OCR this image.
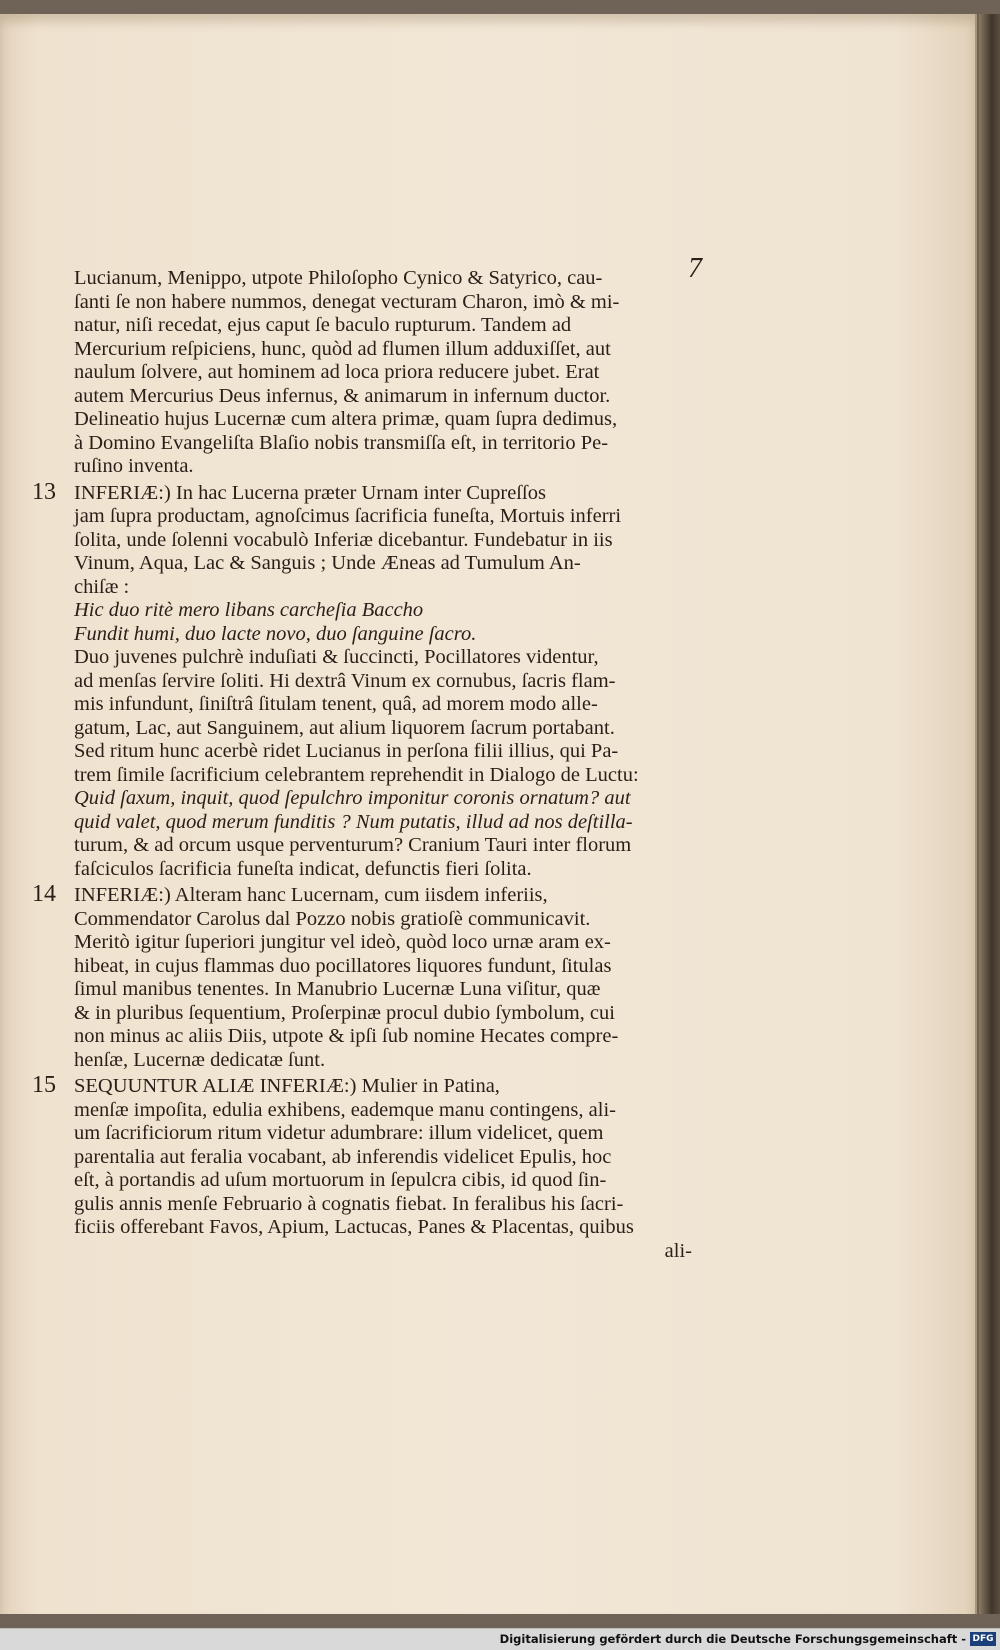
7
Lucianum, Menippo, utpote Philoſopho Cynico & Satyrico, cau-
ſanti ſe non habere nummos, denegat vecturam Charon, imò & mi-
natur, niſi recedat, ejus caput ſe baculo rupturum. Tandem ad
Mercurium reſpiciens, hunc, quòd ad flumen illum adduxiſſet, aut
naulum ſolvere, aut hominem ad loca priora reducere jubet. Erat
autem Mercurius Deus infernus, & animarum in infernum ductor.
Delineatio hujus Lucernæ cum altera primæ, quam ſupra dedimus,
à Domino Evangeliſta Blaſio nobis transmiſſa eſt, in territorio Pe-
ruſino inventa.
13 INFERIÆ:) In hac Lucerna præter Urnam inter Cupreſſos
jam ſupra productam, agnoſcimus ſacrificia funeſta, Mortuis inferri
ſolita, unde ſolenni vocabulò Inferiæ dicebantur. Fundebatur in iis
Vinum, Aqua, Lac & Sanguis ; Unde Æneas ad Tumulum An-
chiſæ :
Hic duo ritè mero libans carcheſia Baccho
Fundit humi, duo lacte novo, duo ſanguine ſacro.
Duo juvenes pulchrè induſiati & ſuccincti, Pocillatores videntur,
ad menſas ſervire ſoliti. Hi dextrâ Vinum ex cornubus, ſacris flam-
mis infundunt, ſiniſtrâ ſitulam tenent, quâ, ad morem modo alle-
gatum, Lac, aut Sanguinem, aut alium liquorem ſacrum portabant.
Sed ritum hunc acerbè ridet Lucianus in perſona filii illius, qui Pa-
trem ſimile ſacrificium celebrantem reprehendit in Dialogo de Luctu:
Quid ſaxum, inquit, quod ſepulchro imponitur coronis ornatum? aut
quid valet, quod merum funditis ? Num putatis, illud ad nos deſtilla-
turum, & ad orcum usque perventurum? Cranium Tauri inter florum
faſciculos ſacrificia funeſta indicat, defunctis fieri ſolita.
14 INFERIÆ:) Alteram hanc Lucernam, cum iisdem inferiis,
Commendator Carolus dal Pozzo nobis gratioſè communicavit.
Meritò igitur ſuperiori jungitur vel ideò, quòd loco urnæ aram ex-
hibeat, in cujus flammas duo pocillatores liquores fundunt, ſitulas
ſimul manibus tenentes. In Manubrio Lucernæ Luna viſitur, quæ
& in pluribus ſequentium, Proſerpinæ procul dubio ſymbolum, cui
non minus ac aliis Diis, utpote & ipſi ſub nomine Hecates compre-
henſæ, Lucernæ dedicatæ ſunt.
15 SEQUUNTUR ALIÆ INFERIÆ:) Mulier in Patina,
menſæ impoſita, edulia exhibens, eademque manu contingens, ali-
um ſacrificiorum ritum videtur adumbrare: illum videlicet, quem
parentalia aut feralia vocabant, ab inferendis videlicet Epulis, hoc
eſt, à portandis ad uſum mortuorum in ſepulcra cibis, id quod ſin-
gulis annis menſe Februario à cognatis fiebat. In feralibus his ſacri-
ficiis offerebant Favos, Apium, Lactucas, Panes & Placentas, quibus
ali-
Digitalisierung gefördert durch die Deutsche Forschungsgemeinschaft - DFG
